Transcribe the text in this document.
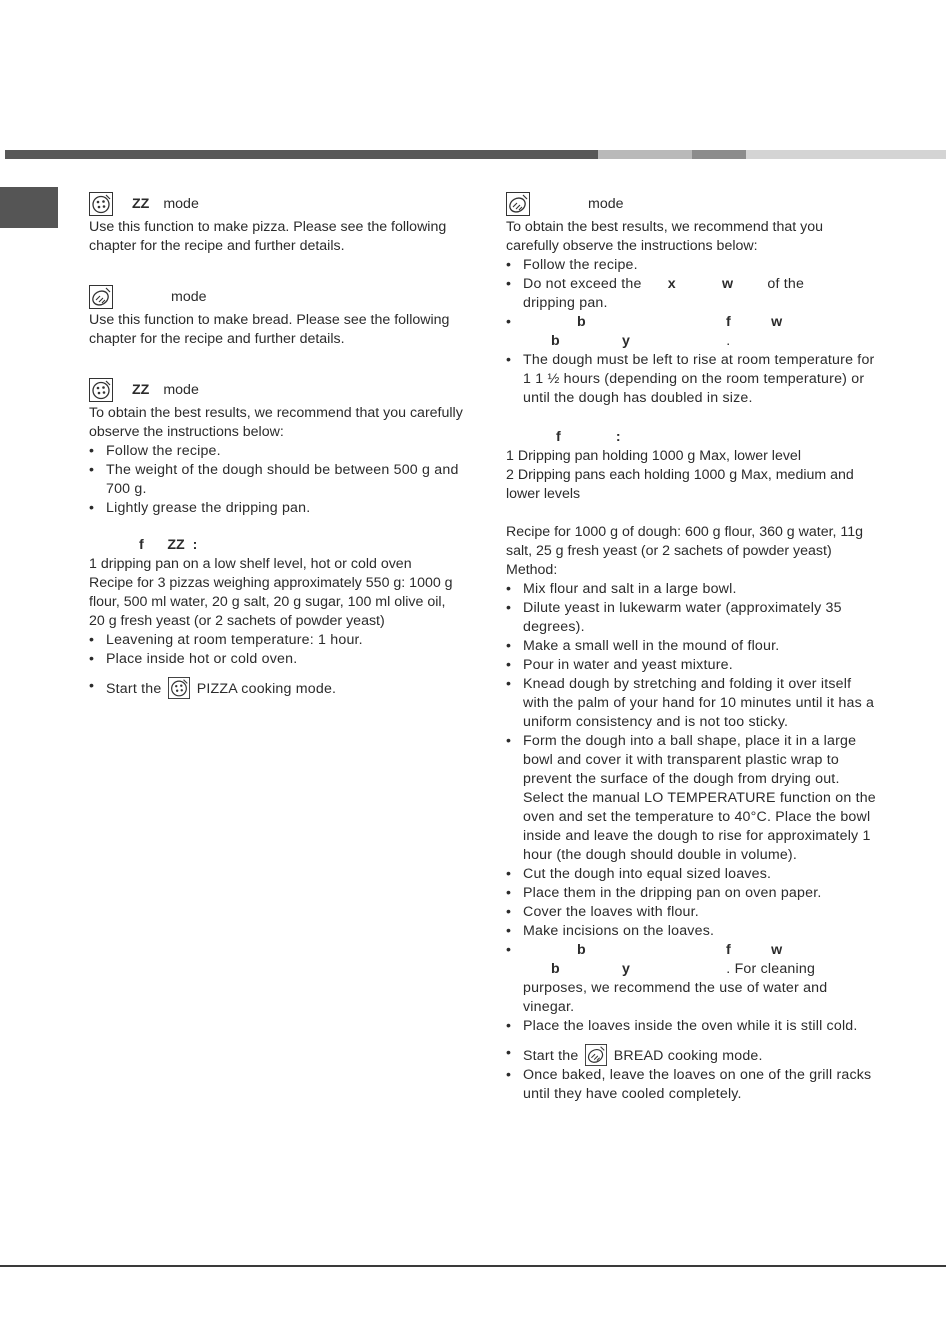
ZZ mode

Use this function to make pizza. Please see the following chapter for the recipe and further details.

mode

Use this function to make bread. Please see the following chapter for the recipe and further details.

ZZ mode

To obtain the best results, we recommend that you carefully observe the instructions below:

• Follow the recipe.
• The weight of the dough should be between 500 g and 700 g.
• Lightly grease the dripping pan.

f      ZZ  :

1 dripping pan on a low shelf level, hot or cold oven

Recipe for 3 pizzas weighing approximately 550 g: 1000 g flour, 500 ml water, 20 g salt, 20 g sugar, 100 ml olive oil, 20 g fresh yeast (or 2 sachets of powder yeast)

• Leavening at room temperature: 1 hour.
• Place inside hot or cold oven.
• Start the PIZZA cooking mode.
mode

To obtain the best results, we recommend that you carefully observe the instructions below:

• Follow the recipe.
• Do not exceed the x	w of the
dripping pan.
• b	f	w
b	y	.
• The dough must be left to rise at room temperature for 1 1 ½ hours (depending on the room temperature) or until the dough has doubled in size.

f              :

1 Dripping pan holding 1000 g Max, lower level

2 Dripping pans each holding 1000 g Max, medium and lower levels

Recipe for 1000 g of dough: 600 g flour, 360 g water, 11g salt, 25 g fresh yeast (or 2 sachets of powder yeast)

Method:

• Mix flour and salt in a large bowl.
• Dilute yeast in lukewarm water (approximately 35 degrees).
• Make a small well in the mound of flour.
• Pour in water and yeast mixture.
• Knead dough by stretching and folding it over itself with the palm of your hand for 10 minutes until it has a uniform consistency and is not too sticky.
• Form the dough into a ball shape, place it in a large bowl and cover it with transparent plastic wrap to prevent the surface of the dough from drying out. Select the manual LO TEMPERATURE function on the oven and set the temperature to 40°C. Place the bowl inside and leave the dough to rise for approximately 1 hour (the dough should double in volume).
• Cut the dough into equal sized loaves.
• Place them in the dripping pan on oven paper.
• Cover the loaves with flour.
• Make incisions on the loaves.
• b	f	w
b	y	. For cleaning purposes, we recommend the use of water and vinegar.
• Place the loaves inside the oven while it is still cold.
• Start the BREAD cooking mode.
• Once baked, leave the loaves on one of the grill racks until they have cooled completely.
